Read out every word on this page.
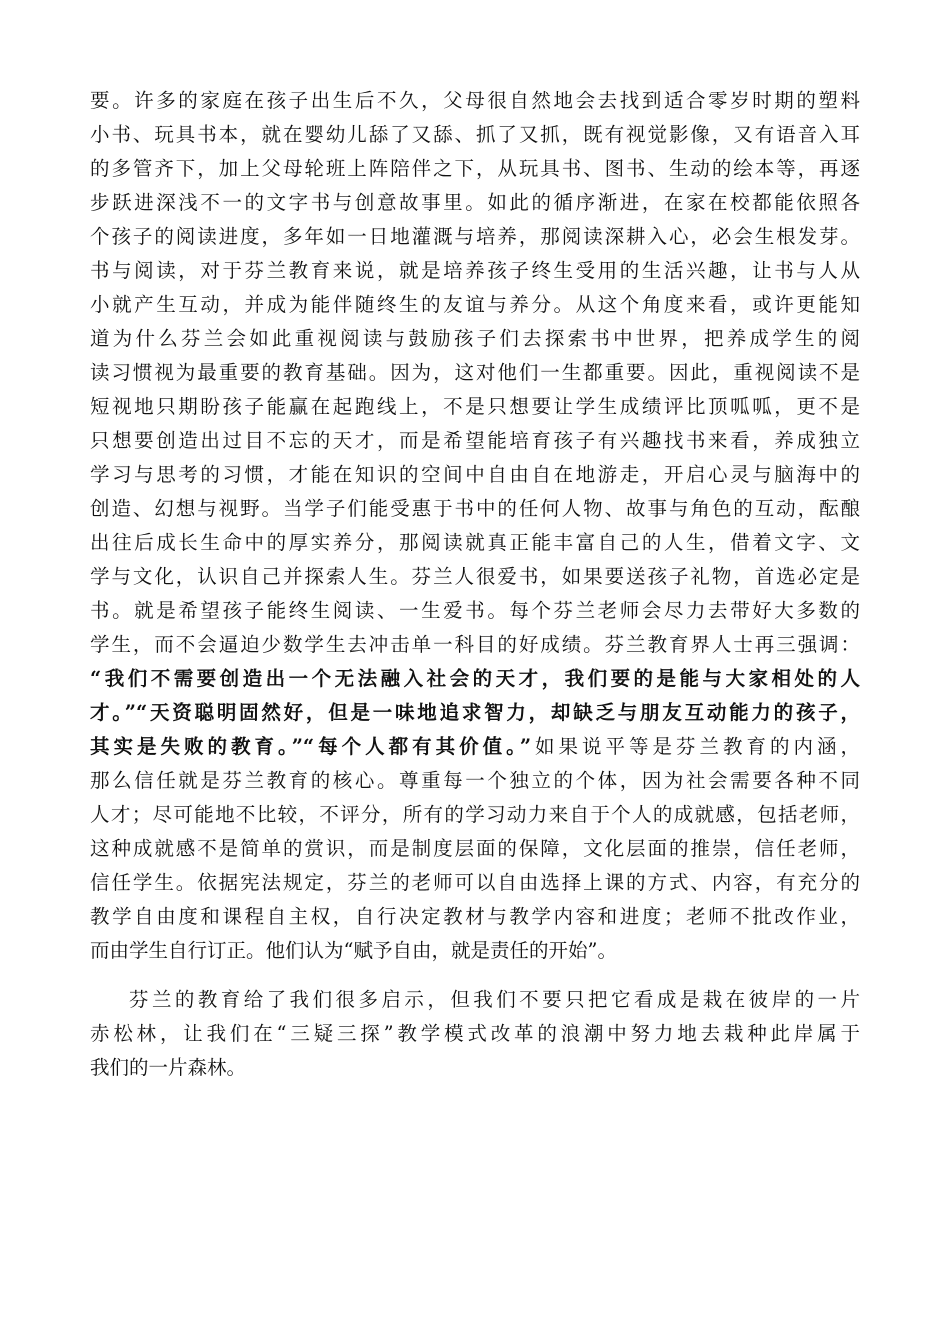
要。许多的家庭在孩子出生后不久，父母很自然地会去找到适合零岁时期的塑料
小书、玩具书本，就在婴幼儿舔了又舔、抓了又抓，既有视觉影像，又有语音入耳
的多管齐下，加上父母轮班上阵陪伴之下，从玩具书、图书、生动的绘本等，再逐
步跃进深浅不一的文字书与创意故事里。如此的循序渐进，在家在校都能依照各
个孩子的阅读进度，多年如一日地灌溉与培养，那阅读深耕入心，必会生根发芽。
书与阅读，对于芬兰教育来说，就是培养孩子终生受用的生活兴趣，让书与人从
小就产生互动，并成为能伴随终生的友谊与养分。从这个角度来看，或许更能知
道为什么芬兰会如此重视阅读与鼓励孩子们去探索书中世界，把养成学生的阅
读习惯视为最重要的教育基础。因为，这对他们一生都重要。因此，重视阅读不是
短视地只期盼孩子能赢在起跑线上，不是只想要让学生成绩评比顶呱呱，更不是
只想要创造出过目不忘的天才，而是希望能培育孩子有兴趣找书来看，养成独立
学习与思考的习惯，才能在知识的空间中自由自在地游走，开启心灵与脑海中的
创造、幻想与视野。当学子们能受惠于书中的任何人物、故事与角色的互动，酝酿
出往后成长生命中的厚实养分，那阅读就真正能丰富自己的人生，借着文字、文
学与文化，认识自己并探索人生。芬兰人很爱书，如果要送孩子礼物，首选必定是
书。就是希望孩子能终生阅读、一生爱书。每个芬兰老师会尽力去带好大多数的
学生，而不会逼迫少数学生去冲击单一科目的好成绩。芬兰教育界人士再三强调：
“我们不需要创造出一个无法融入社会的天才，我们要的是能与大家相处的人
才。”“天资聪明固然好，但是一味地追求智力，却缺乏与朋友互动能力的孩子，
其实是失败的教育。”“每个人都有其价值。”如果说平等是芬兰教育的内涵，
那么信任就是芬兰教育的核心。尊重每一个独立的个体，因为社会需要各种不同
人才；尽可能地不比较，不评分，所有的学习动力来自于个人的成就感，包括老师，
这种成就感不是简单的赏识，而是制度层面的保障，文化层面的推崇，信任老师，
信任学生。依据宪法规定，芬兰的老师可以自由选择上课的方式、内容，有充分的
教学自由度和课程自主权，自行决定教材与教学内容和进度；老师不批改作业，
而由学生自行订正。他们认为“赋予自由，就是责任的开始”。
芬兰的教育给了我们很多启示，但我们不要只把它看成是栽在彼岸的一片
赤松林，让我们在“三疑三探”教学模式改革的浪潮中努力地去栽种此岸属于
我们的一片森林。
